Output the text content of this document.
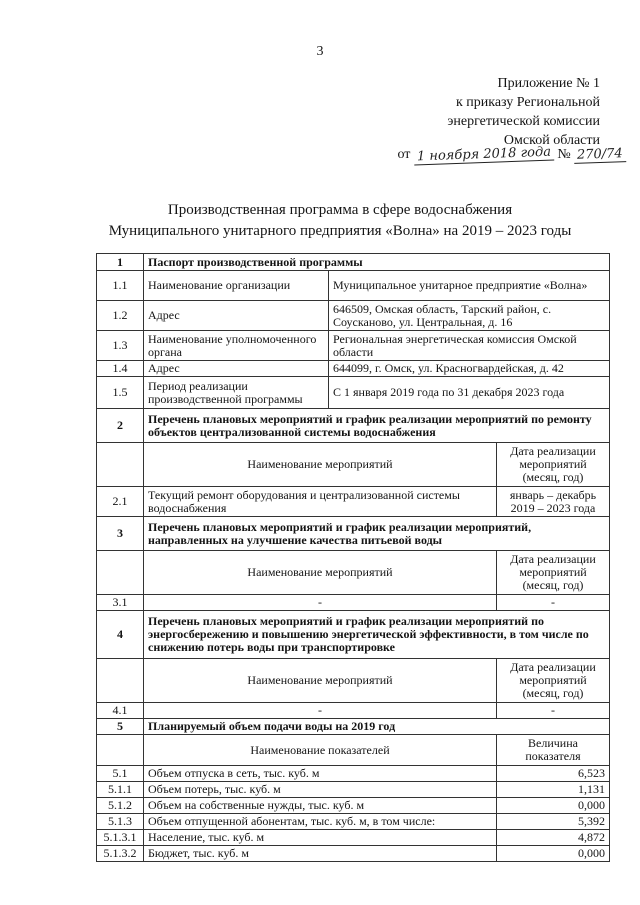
3
Приложение № 1
к приказу Региональной
энергетической комиссии
Омской области
от 1 ноября 2018 года № 270/74
Производственная программа в сфере водоснабжения
Муниципального унитарного предприятия «Волна» на 2019 – 2023 годы
1	Паспорт производственной программы		
1.1	Наименование организации	Муниципальное унитарное предприятие «Волна»	
1.2	Адрес	646509, Омская область, Тарский район, с. Соусканово, ул. Центральная, д. 16	
1.3	Наименование уполномоченного органа	Региональная энергетическая комиссия Омской области	
1.4	Адрес	644099, г. Омск, ул. Красногвардейская, д. 42	
1.5	Период реализации производственной программы	С 1 января 2019 года по 31 декабря 2023 года	
2	Перечень плановых мероприятий и график реализации мероприятий по ремонту объектов централизованной системы водоснабжения		
	Наименование мероприятий		Дата реализации мероприятий (месяц, год)
2.1	Текущий ремонт оборудования и централизованной системы водоснабжения		январь – декабрь 2019 – 2023 года
3	Перечень плановых мероприятий и график реализации мероприятий, направленных на улучшение качества питьевой воды		
	Наименование мероприятий		Дата реализации мероприятий (месяц, год)
3.1	-		-
4	Перечень плановых мероприятий и график реализации мероприятий по энергосбережению и повышению энергетической эффективности, в том числе по снижению потерь воды при транспортировке		
	Наименование мероприятий		Дата реализации мероприятий (месяц, год)
4.1	-		-
5	Планируемый объем подачи воды на 2019 год		
	Наименование показателей		Величина показателя
5.1	Объем отпуска в сеть, тыс. куб. м		6,523
5.1.1	Объем потерь, тыс. куб. м		1,131
5.1.2	Объем на собственные нужды, тыс. куб. м		0,000
5.1.3	Объем отпущенной абонентам, тыс. куб. м, в том числе:		5,392
5.1.3.1	Население, тыс. куб. м		4,872
5.1.3.2	Бюджет, тыс. куб. м		0,000
